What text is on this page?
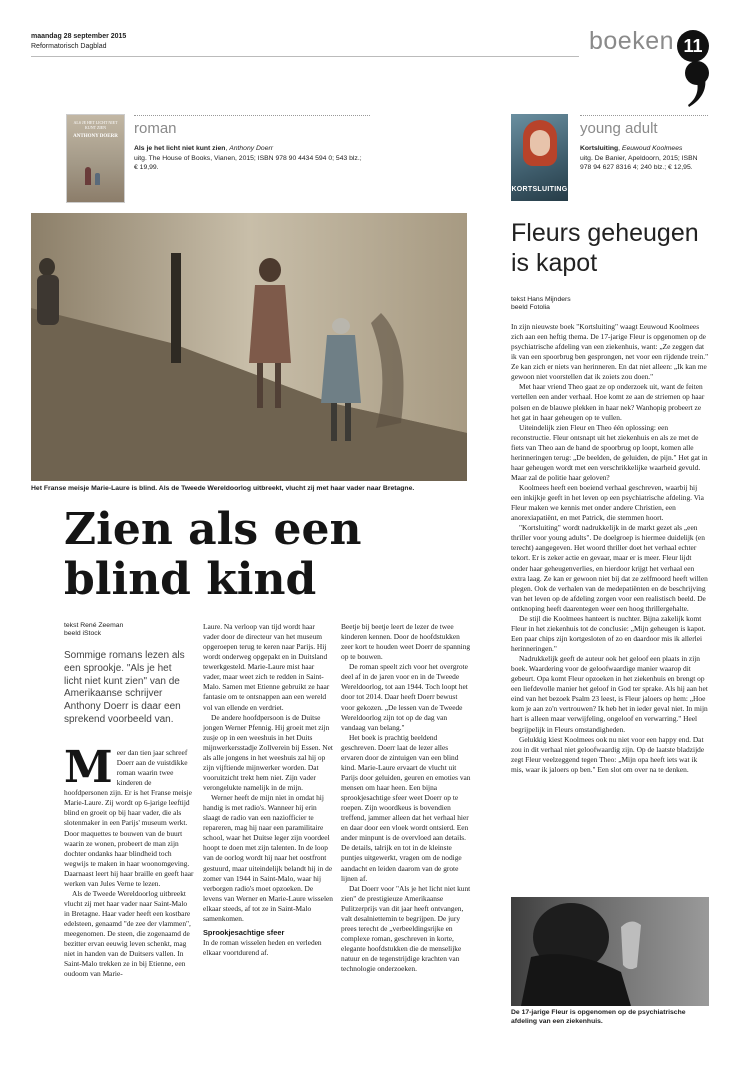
maandag 28 september 2015
Reformatorisch Dagblad	boeken 11
ALS JE HET LICHT NIET KUNT ZIEN
ANTHONY DOERR	roman
Als je het licht niet kunt zien, Anthony Doerr
uitg. The House of Books, Vianen, 2015; ISBN 978 90 4434 594 0; 543 blz.; € 19,99.
KORTSLUITING
young adult
Kortsluiting, Eeuwoud Koolmees
uitg. De Banier, Apeldoorn, 2015; ISBN 978 94 627 8316 4; 240 blz.; € 12,95.
Het Franse meisje Marie-Laure is blind. Als de Tweede Wereldoorlog uitbreekt, vlucht zij met haar vader naar Bretagne.
Zien als een
blind kind
tekst René Zeeman
beeld iStock
Sommige romans lezen als een sprookje. "Als je het licht niet kunt zien" van de Amerikaanse schrijver Anthony Doerr is daar een sprekend voorbeeld van.
M eer dan tien jaar schreef Doerr aan de vuistdikke roman waarin twee kinderen de hoofdpersonen zijn. Er is het Franse meisje Marie-Laure. Zij wordt op 6-jarige leeftijd blind en groeit op bij haar vader, die als slotenmaker in een Parijs' museum werkt. Door maquettes te bouwen van de buurt waarin ze wonen, probeert de man zijn dochter ondanks haar blindheid toch wegwijs te maken in haar woonomgeving. Daarnaast leert hij haar braille en geeft haar werken van Jules Verne te lezen.

Als de Tweede Wereldoorlog uitbreekt vlucht zij met haar vader naar Saint-Malo in Bretagne. Haar vader heeft een kostbare edelsteen, genaamd "de zee der vlammen", meegenomen. De steen, die zogenaamd de bezitter ervan eeuwig leven schenkt, mag niet in handen van de Duitsers vallen. In Saint-Malo trekken ze in bij Etienne, een oudoom van Marie-

Laure. Na verloop van tijd wordt haar vader door de directeur van het museum opgeroepen terug te keren naar Parijs. Hij wordt onderweg opgepakt en in Duitsland tewerkgesteld. Marie-Laure mist haar vader, maar weet zich te redden in Saint-Malo. Samen met Etienne gebruikt ze haar fantasie om te ontsnappen aan een wereld vol van ellende en verdriet.

De andere hoofdpersoon is de Duitse jongen Werner Pfennig. Hij groeit met zijn zusje op in een weeshuis in het Duits mijnwerkersstadje Zollverein bij Essen. Net als alle jongens in het weeshuis zal hij op zijn vijftiende mijnwerker worden. Dat vooruitzicht trekt hem niet. Zijn vader verongelukte namelijk in de mijn.

Werner heeft de mijn niet in omdat hij handig is met radio's. Wanneer hij erin slaagt de radio van een naziofficier te repareren, mag hij naar een paramilitaire school, waar het Duitse leger zijn voordeel hoopt te doen met zijn talenten. In de loop van de oorlog wordt hij naar het oostfront gestuurd, maar uiteindelijk belandt hij in de zomer van 1944 in Saint-Malo, waar hij verborgen radio's moet opzoeken. De levens van Werner en Marie-Laure wisselen elkaar steeds, af tot ze in Saint-Malo samenkomen.

Sprookjesachtige sfeer

In de roman wisselen heden en verleden elkaar voortdurend af.

Beetje bij beetje leert de lezer de twee kinderen kennen. Door de hoofdstukken zeer kort te houden weet Doerr de spanning op te bouwen.

De roman speelt zich voor het overgrote deel af in de jaren voor en in de Tweede Wereldoorlog, tot aan 1944. Toch loopt het door tot 2014. Daar heeft Doerr bewust voor gekozen. „De lessen van de Tweede Wereldoorlog zijn tot op de dag van vandaag van belang."

Het boek is prachtig beeldend geschreven. Doerr laat de lezer alles ervaren door de zintuigen van een blind kind. Marie-Laure ervaart de vlucht uit Parijs door geluiden, geuren en emoties van mensen om haar heen. Een bijna sprookjesachtige sfeer weet Doerr op te roepen. Zijn woordkeus is bovendien treffend, jammer alleen dat het verhaal hier en daar door een vloek wordt ontsierd. Een ander minpunt is de overvloed aan details. De details, talrijk en tot in de kleinste puntjes uitgewerkt, vragen om de nodige aandacht en leiden daarom van de grote lijnen af.

Dat Doerr voor "Als je het licht niet kunt zien" de prestigieuze Amerikaanse Pulitzerprijs van dit jaar heeft ontvangen, valt desalniettemin te begrijpen. De jury prees terecht de „verbeeldingsrijke en complexe roman, geschreven in korte, elegante hoofdstukken die de menselijke natuur en de tegenstrijdige krachten van technologie onderzoeken.

Fleurs geheugen
is kapot
tekst Hans Mijnders
beeld Fotolia

In zijn nieuwste boek "Kortsluiting" waagt Eeuwoud Koolmees zich aan een heftig thema. De 17-jarige Fleur is opgenomen op de psychiatrische afdeling van een ziekenhuis, want: „Ze zeggen dat ik van een spoorbrug ben gesprongen, net voor een rijdende trein." Ze kan zich er niets van herinneren. En dat niet alleen: „Ik kan me gewoon niet voorstellen dat ik zoiets zou doen."

Met haar vriend Theo gaat ze op onderzoek uit, want de feiten vertellen een ander verhaal. Hoe komt ze aan de striemen op haar polsen en de blauwe plekken in haar nek? Wanhopig probeert ze het gat in haar geheugen op te vullen.

Uiteindelijk zien Fleur en Theo één oplossing: een reconstructie. Fleur ontsnapt uit het ziekenhuis en als ze met de fiets van Theo aan de hand de spoorbrug op loopt, komen alle herinneringen terug: „De beelden, de geluiden, de pijn." Het gat in haar geheugen wordt met een verschrikkelijke waarheid gevuld. Maar zal de politie haar geloven?

Koolmees heeft een boeiend verhaal geschreven, waarbij hij een inkijkje geeft in het leven op een psychiatrische afdeling. Via Fleur maken we kennis met onder andere Christien, een anorexiapatiënt, en met Patrick, die stemmen hoort.

"Kortsluiting" wordt nadrukkelijk in de markt gezet als „een thriller voor young adults". De doelgroep is hiermee duidelijk (en terecht) aangegeven. Het woord thriller doet het verhaal echter tekort. Er is zeker actie en gevaar, maar er is meer. Fleur lijdt onder haar geheugenverlies, en hierdoor krijgt het verhaal een extra laag. Ze kan er gewoon niet bij dat ze zelfmoord heeft willen plegen. Ook de verhalen van de medepatiënten en de beschrijving van het leven op de afdeling zorgen voor een realistisch beeld. De ontknoping heeft daarentegen weer een hoog thrillergehalte.

De stijl die Koolmees hanteert is nuchter. Bijna zakelijk komt Fleur in het ziekenhuis tot de conclusie: „Mijn geheugen is kapot. Een paar chips zijn kortgesloten of zo en daardoor mis ik allerlei herinneringen."

Nadrukkelijk geeft de auteur ook het geloof een plaats in zijn boek. Waardering voor de geloofwaardige manier waarop dit gebeurt. Opa komt Fleur opzoeken in het ziekenhuis en brengt op een liefdevolle manier het geloof in God ter sprake. Als hij aan het eind van het bezoek Psalm 23 leest, is Fleur jaloers op hem: „Hoe kom je aan zo'n vertrouwen? Ik heb het in ieder geval niet. In mijn hart is alleen maar verwijfeling, ongeloof en verwarring." Heel begrijpelijk in Fleurs omstandigheden.

Gelukkig kiest Koolmees ook nu niet voor een happy end. Dat zou in dit verhaal niet geloofwaardig zijn. Op de laatste bladzijde zegt Fleur veelzeggend tegen Theo: „Mijn opa heeft iets wat ik mis, waar ik jaloers op ben." Een slot om over na te denken.

De 17-jarige Fleur is opgenomen op de psychiatrische afdeling van een ziekenhuis.
